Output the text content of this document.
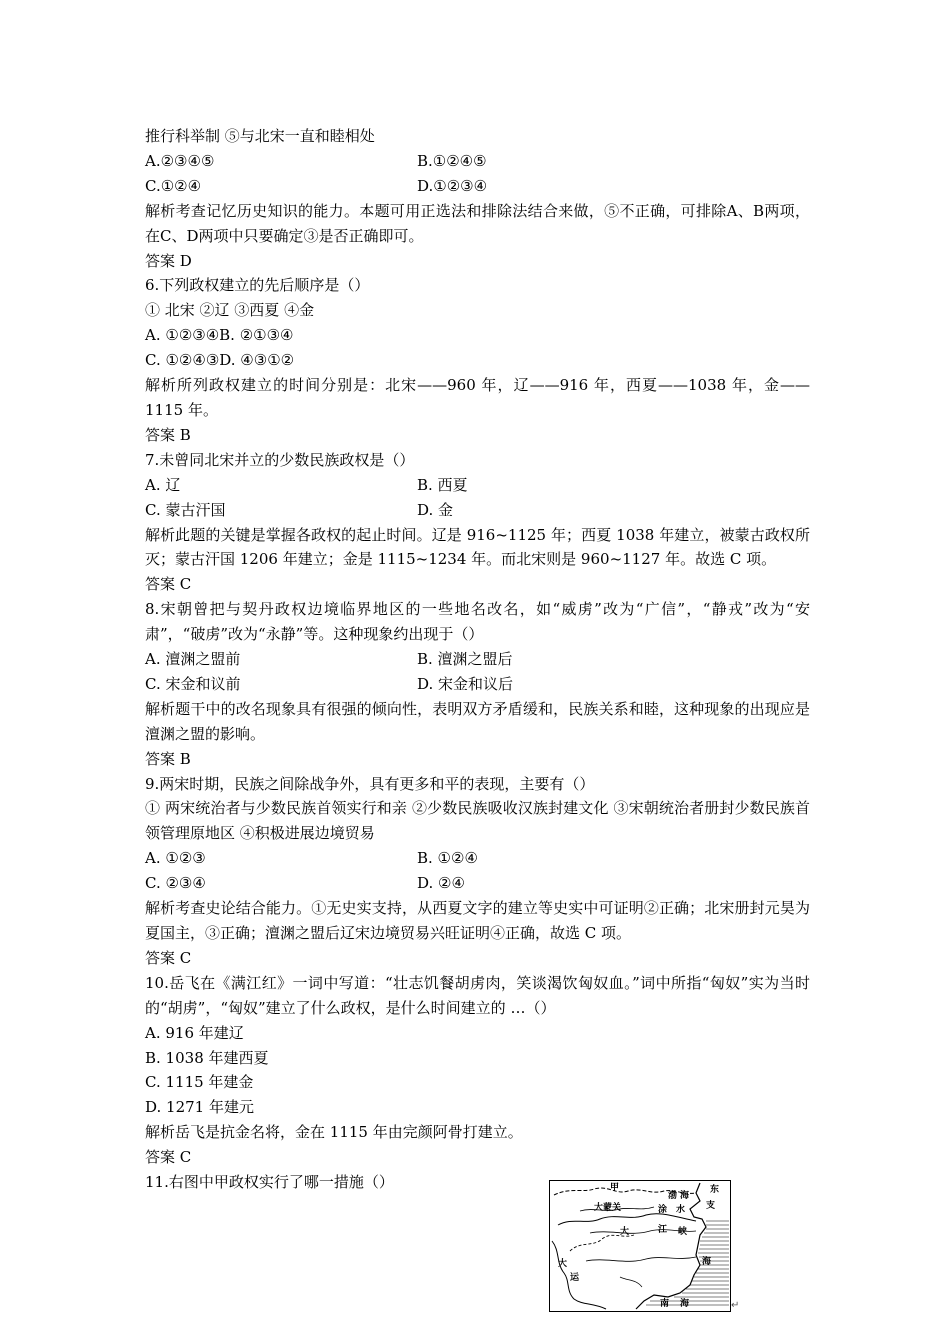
推行科举制 ⑤与北宋一直和睦相处
A.②③④⑤	B.①②④⑤
C.①②④	D.①②③④
解析考查记忆历史知识的能力。本题可用正选法和排除法结合来做，⑤不正确，可排除A、B两项，在C、D两项中只要确定③是否正确即可。
答案 D
6.下列政权建立的先后顺序是（）
① 北宋 ②辽 ③西夏 ④金
A. ①②③④B. ②①③④
C. ①②④③D. ④③①②
解析所列政权建立的时间分别是：北宋——960 年，辽——916 年，西夏——1038 年，金——1115 年。
答案 B
7.未曾同北宋并立的少数民族政权是（）
A. 辽	B. 西夏
C. 蒙古汗国	D. 金
解析此题的关键是掌握各政权的起止时间。辽是 916~1125 年；西夏 1038 年建立，被蒙古政权所灭；蒙古汗国 1206 年建立；金是 1115~1234 年。而北宋则是 960~1127 年。故选 C 项。
答案 C
8.宋朝曾把与契丹政权边境临界地区的一些地名改名，如“威虏”改为“广信”，“静戎”改为“安肃”，“破虏”改为“永静”等。这种现象约出现于（）
A. 澶渊之盟前	B. 澶渊之盟后
C. 宋金和议前	D. 宋金和议后
解析题干中的改名现象具有很强的倾向性，表明双方矛盾缓和，民族关系和睦，这种现象的出现应是澶渊之盟的影响。
答案 B
9.两宋时期，民族之间除战争外，具有更多和平的表现，主要有（）
① 两宋统治者与少数民族首领实行和亲 ②少数民族吸收汉族封建文化 ③宋朝统治者册封少数民族首领管理原地区 ④积极进展边境贸易
A. ①②③	B. ①②④
C. ②③④	D. ②④
解析考查史论结合能力。①无史实支持，从西夏文字的建立等史实中可证明②正确；北宋册封元昊为夏国主，③正确；澶渊之盟后辽宋边境贸易兴旺证明④正确，故选 C 项。
答案 C
10.岳飞在《满江红》一词中写道：“壮志饥餐胡虏肉，笑谈渴饮匈奴血。”词中所指“匈奴”实为当时的“胡虏”，“匈奴”建立了什么政权，是什么时间建立的 …（）
A. 916 年建辽
B. 1038 年建西夏
C. 1115 年建金
D. 1271 年建元
解析岳飞是抗金名将，金在 1115 年由完颜阿骨打建立。
答案 C
11.右图中甲政权实行了哪一措施（）	甲	东
大蒙关
渤 海
涂 水
大	江 峡
支
海
大
运
南 海	↵
